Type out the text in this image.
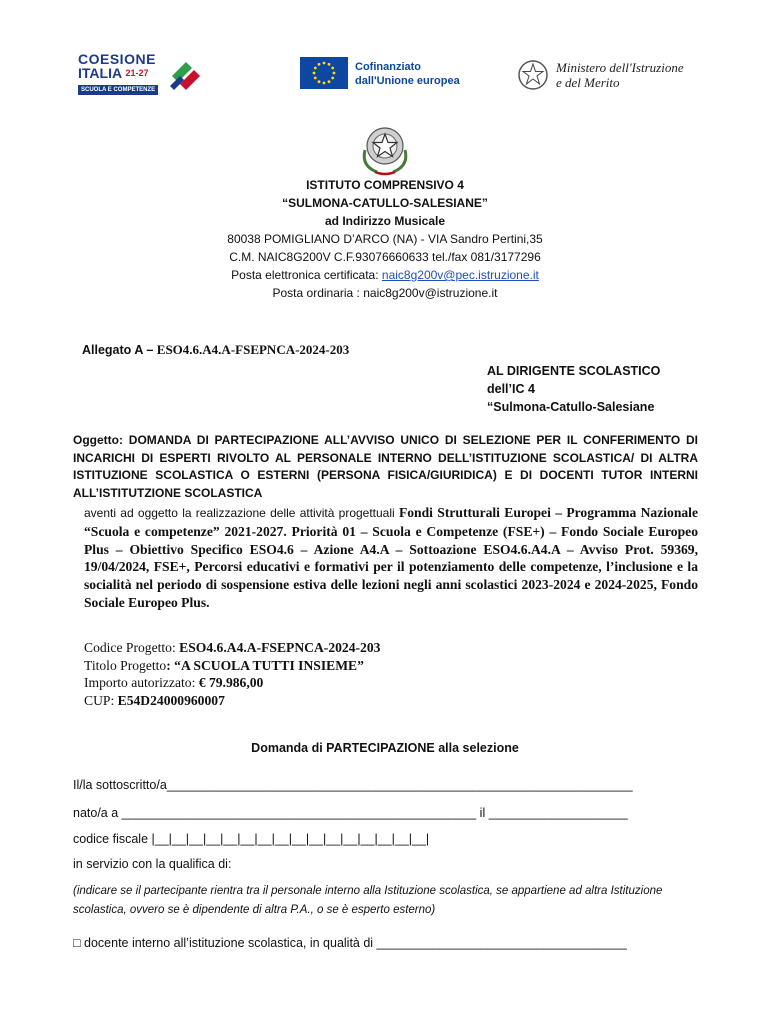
COESIONE
ITALIA $^{21-27}$
SCUOLA E COMPETENZE
Cofinanziato
dall'Unione europea
Ministero dell'Istruzione
e del Merito
ISTITUTO COMPRENSIVO 4
“SULMONA-CATULLO-SALESIANE”
ad Indirizzo Musicale
80038 POMIGLIANO D’ARCO (NA) - VIA Sandro Pertini,35
C.M. NAIC8G200V C.F.93076660633 tel./fax 081/3177296
Posta elettronica certificata: naic8g200v@pec.istruzione.it
Posta ordinaria : naic8g200v@istruzione.it
Allegato A – ESO4.6.A4.A-FSEPNCA-2024-203
AL DIRIGENTE SCOLASTICO
dell’IC 4
“Sulmona-Catullo-Salesiane
Oggetto: DOMANDA DI PARTECIPAZIONE ALL’AVVISO UNICO DI SELEZIONE PER IL CONFERIMENTO DI INCARICHI DI ESPERTI RIVOLTO AL PERSONALE INTERNO DELL’ISTITUZIONE SCOLASTICA/ DI ALTRA ISTITUZIONE SCOLASTICA O ESTERNI (PERSONA FISICA/GIURIDICA) E DI DOCENTI TUTOR INTERNI ALL’ISTITUTZIONE SCOLASTICA
aventi ad oggetto la realizzazione delle attività progettuali Fondi Strutturali Europei – Programma Nazionale “Scuola e competenze” 2021-2027. Priorità 01 – Scuola e Competenze (FSE+) – Fondo Sociale Europeo Plus – Obiettivo Specifico ESO4.6 – Azione A4.A – Sottoazione ESO4.6.A4.A – Avviso Prot. 59369, 19/04/2024, FSE+, Percorsi educativi e formativi per il potenziamento delle competenze, l’inclusione e la socialità nel periodo di sospensione estiva delle lezioni negli anni scolastici 2023-2024 e 2024-2025, Fondo Sociale Europeo Plus.
Codice Progetto: ESO4.6.A4.A-FSEPNCA-2024-203
Titolo Progetto: “A SCUOLA TUTTI INSIEME”
Importo autorizzato: € 79.986,00
CUP: E54D24000960007
Domanda di PARTECIPAZIONE alla selezione
Il/la sottoscritto/a___________________________________________________________________
nato/a a ___________________________________________________ il ____________________
codice fiscale |__|__|__|__|__|__|__|__|__|__|__|__|__|__|__|__|
in servizio con la qualifica di:
(indicare se il partecipante rientra tra il personale interno alla Istituzione scolastica, se appartiene ad altra Istituzione scolastica, ovvero se è dipendente di altra P.A., o se è esperto esterno)
□ docente interno all’istituzione scolastica, in qualità di ____________________________________
